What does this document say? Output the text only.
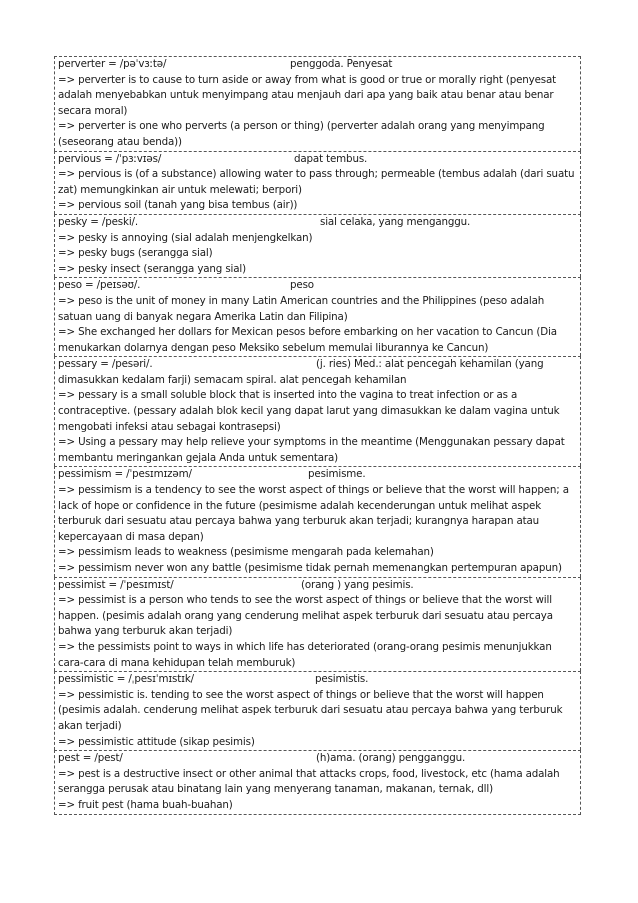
perverter = /pəˈvɜːtə/	penggoda. Penyesat
=> perverter is to cause to turn aside or away from what is good or true or morally right (penyesat adalah menyebabkan untuk menyimpang atau menjauh dari apa yang baik atau benar atau benar secara moral)
=> perverter is one who perverts (a person or thing) (perverter adalah orang yang menyimpang (seseorang atau benda))
pervious = /ˈpɜːvɪəs/	dapat tembus.
=> pervious is (of a substance) allowing water to pass through; permeable (tembus adalah (dari suatu zat) memungkinkan air untuk melewati; berpori)
=> pervious soil (tanah yang bisa tembus (air))
pesky = /peski/.	sial celaka, yang menganggu.
=> pesky is annoying (sial adalah menjengkelkan)
=> pesky bugs (serangga sial)
=> pesky insect (serangga yang sial)
peso = /peɪsəʊ/.	peso
=> peso is the unit of money in many Latin American countries and the Philippines (peso adalah satuan uang di banyak negara Amerika Latin dan Filipina)
=> She exchanged her dollars for Mexican pesos before embarking on her vacation to Cancun (Dia menukarkan dolarnya dengan peso Meksiko sebelum memulai liburannya ke Cancun)
pessary = /pesəri/.	(j. ries) Med.: alat pencegah kehamilan (yang
dimasukkan kedalam farji) semacam spiral. alat pencegah kehamilan
=> pessary is a small soluble block that is inserted into the vagina to treat infection or as a contraceptive. (pessary adalah blok kecil yang dapat larut yang dimasukkan ke dalam vagina untuk mengobati infeksi atau sebagai kontrasepsi)
=> Using a pessary may help relieve your symptoms in the meantime (Menggunakan pessary dapat membantu meringankan gejala Anda untuk sementara)
pessimism = /ˈpesɪmɪzəm/	pesimisme.
=> pessimism is a tendency to see the worst aspect of things or believe that the worst will happen; a lack of hope or confidence in the future (pesimisme adalah kecenderungan untuk melihat aspek terburuk dari sesuatu atau percaya bahwa yang terburuk akan terjadi; kurangnya harapan atau kepercayaan di masa depan)
=> pessimism leads to weakness (pesimisme mengarah pada kelemahan)
=> pessimism never won any battle (pesimisme tidak pernah memenangkan pertempuran apapun)
pessimist = /ˈpesɪmɪst/	(orang ) yang pesimis.
=> pessimist is a person who tends to see the worst aspect of things or believe that the worst will happen. (pesimis adalah orang yang cenderung melihat aspek terburuk dari sesuatu atau percaya bahwa yang terburuk akan terjadi)
=> the pessimists point to ways in which life has deteriorated (orang-orang pesimis menunjukkan cara-cara di mana kehidupan telah memburuk)
pessimistic = /ˌpesɪˈmɪstɪk/	pesimistis.
=> pessimistic is. tending to see the worst aspect of things or believe that the worst will happen (pesimis adalah. cenderung melihat aspek terburuk dari sesuatu atau percaya bahwa yang terburuk akan terjadi)
=> pessimistic attitude (sikap pesimis)
pest = /pest/	(h)ama. (orang) pengganggu.
=> pest is a destructive insect or other animal that attacks crops, food, livestock, etc (hama adalah serangga perusak atau binatang lain yang menyerang tanaman, makanan, ternak, dll)
=> fruit pest (hama buah-buahan)
